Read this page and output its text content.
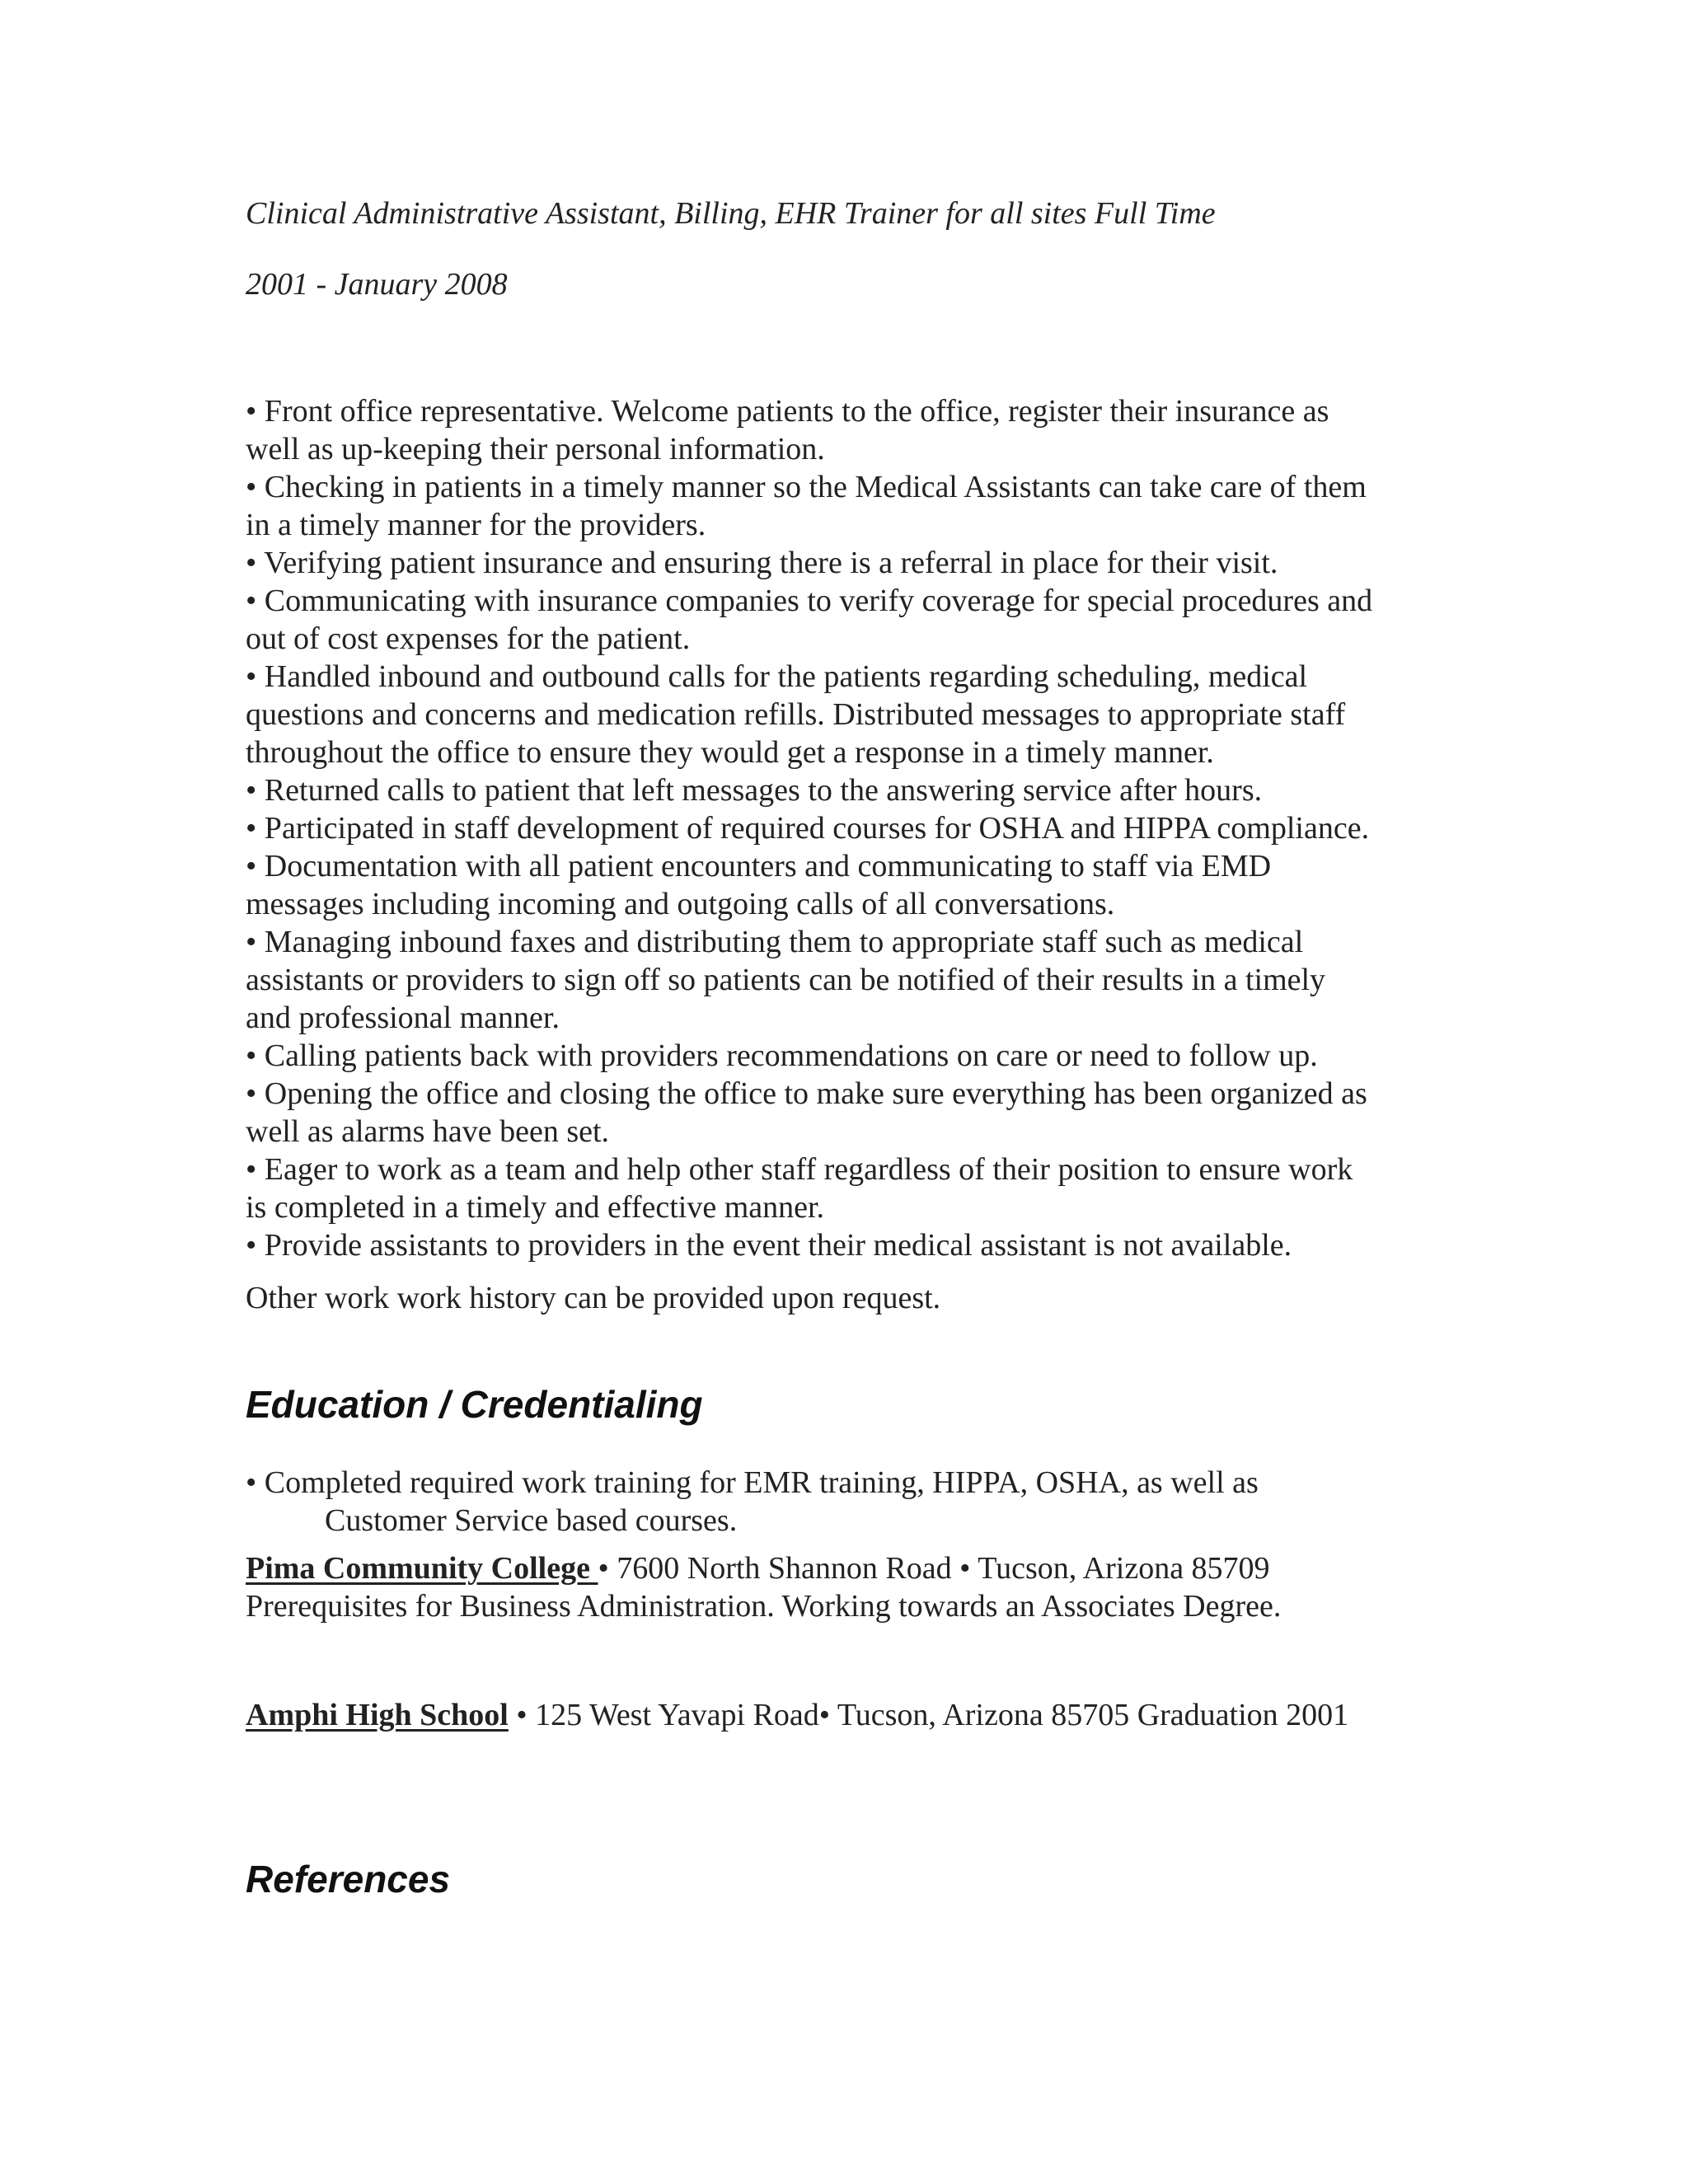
Clinical Administrative Assistant, Billing, EHR Trainer for all sites Full Time
2001 - January 2008
• Front office representative. Welcome patients to the office, register their insurance as
well as up-keeping their personal information.
• Checking in patients in a timely manner so the Medical Assistants can take care of them
in a timely manner for the providers.
• Verifying patient insurance and ensuring there is a referral in place for their visit.
• Communicating with insurance companies to verify coverage for special procedures and
out of cost expenses for the patient.
• Handled inbound and outbound calls for the patients regarding scheduling, medical
questions and concerns and medication refills. Distributed messages to appropriate staff
throughout the office to ensure they would get a response in a timely manner.
• Returned calls to patient that left messages to the answering service after hours.
• Participated in staff development of required courses for OSHA and HIPPA compliance.
• Documentation with all patient encounters and communicating to staff via EMD
messages including incoming and outgoing calls of all conversations.
• Managing inbound faxes and distributing them to appropriate staff such as medical
assistants or providers to sign off so patients can be notified of their results in a timely
and professional manner.
• Calling patients back with providers recommendations on care or need to follow up.
• Opening the office and closing the office to make sure everything has been organized as
well as alarms have been set.
• Eager to work as a team and help other staff regardless of their position to ensure work
is completed in a timely and effective manner.
• Provide assistants to providers in the event their medical assistant is not available.
Other work work history can be provided upon request.
Education / Credentialing
• Completed required work training for EMR training, HIPPA, OSHA, as well as
Customer Service based courses.
Pima Community College • 7600 North Shannon Road • Tucson, Arizona 85709
Prerequisites for Business Administration. Working towards an Associates Degree.
Amphi High School • 125 West Yavapi Road• Tucson, Arizona 85705 Graduation 2001
References
